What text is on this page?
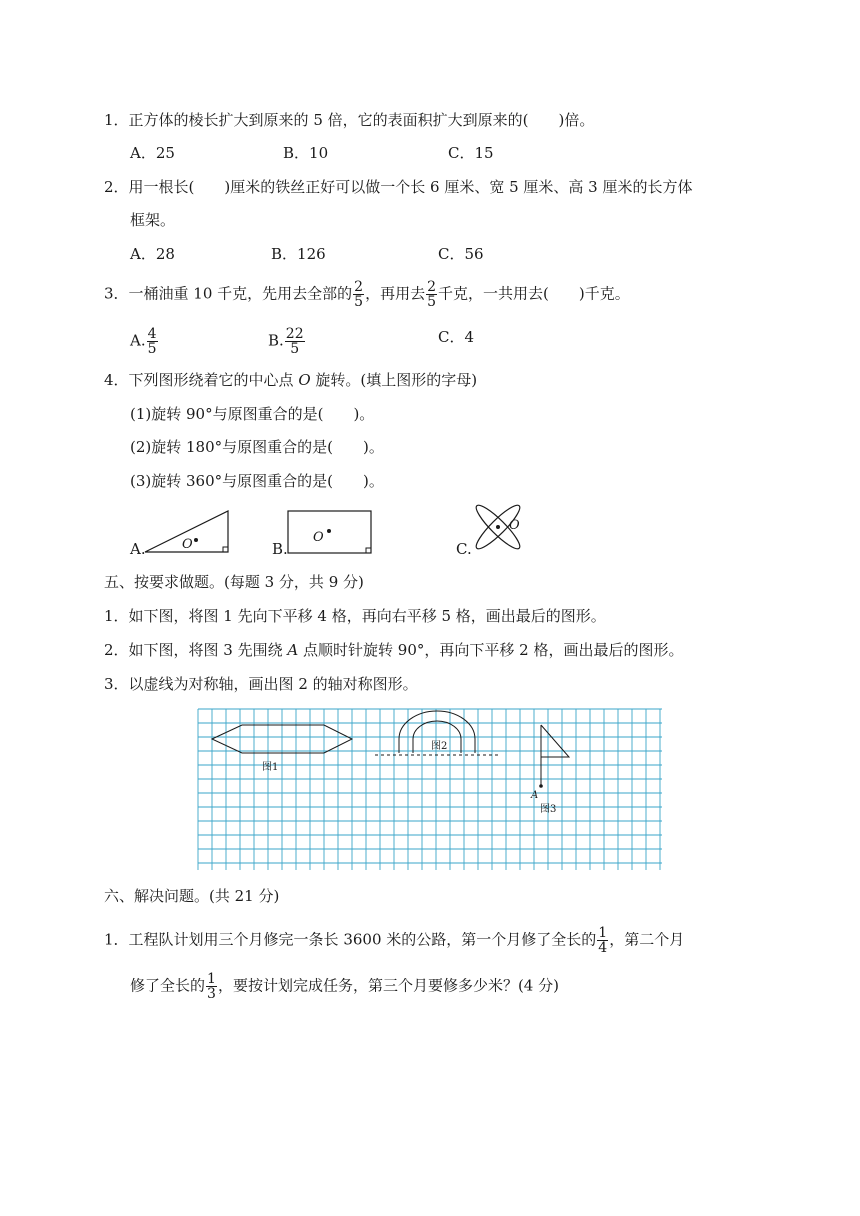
1．正方体的棱长扩大到原来的 5 倍，它的表面积扩大到原来的(　　)倍。
A．25	B．10	C．15
2．用一根长(　　)厘米的铁丝正好可以做一个长 6 厘米、宽 5 厘米、高 3 厘米的长方体
框架。
A．28	B．126	C．56
3．一桶油重 10 千克，先用去全部的 $\frac{2}{5}$ ，再用去 $\frac{2}{5}$ 千克，一共用去(　　)千克。
A. $\frac{4}{5}$	B. $\frac{22}{5}$	C．4
4．下列图形绕着它的中心点 O 旋转。(填上图形的字母)
(1)旋转 90°与原图重合的是(　　)。
(2)旋转 180°与原图重合的是(　　)。
(3)旋转 360°与原图重合的是(　　)。
A.	O	B.
O
C.
O
五、按要求做题。(每题 3 分，共 9 分)
1．如下图，将图 1 先向下平移 4 格，再向右平移 5 格，画出最后的图形。
2．如下图，将图 3 先围绕 A 点顺时针旋转 90°，再向下平移 2 格，画出最后的图形。
3．以虚线为对称轴，画出图 2 的轴对称图形。
图1
图2
A
图3
六、解决问题。(共 21 分)
1．工程队计划用三个月修完一条长 3600 米的公路，第一个月修了全长的 $\frac{1}{4}$ ，第二个月
修了全长的 $\frac{1}{3}$ ，要按计划完成任务，第三个月要修多少米？(4 分)
